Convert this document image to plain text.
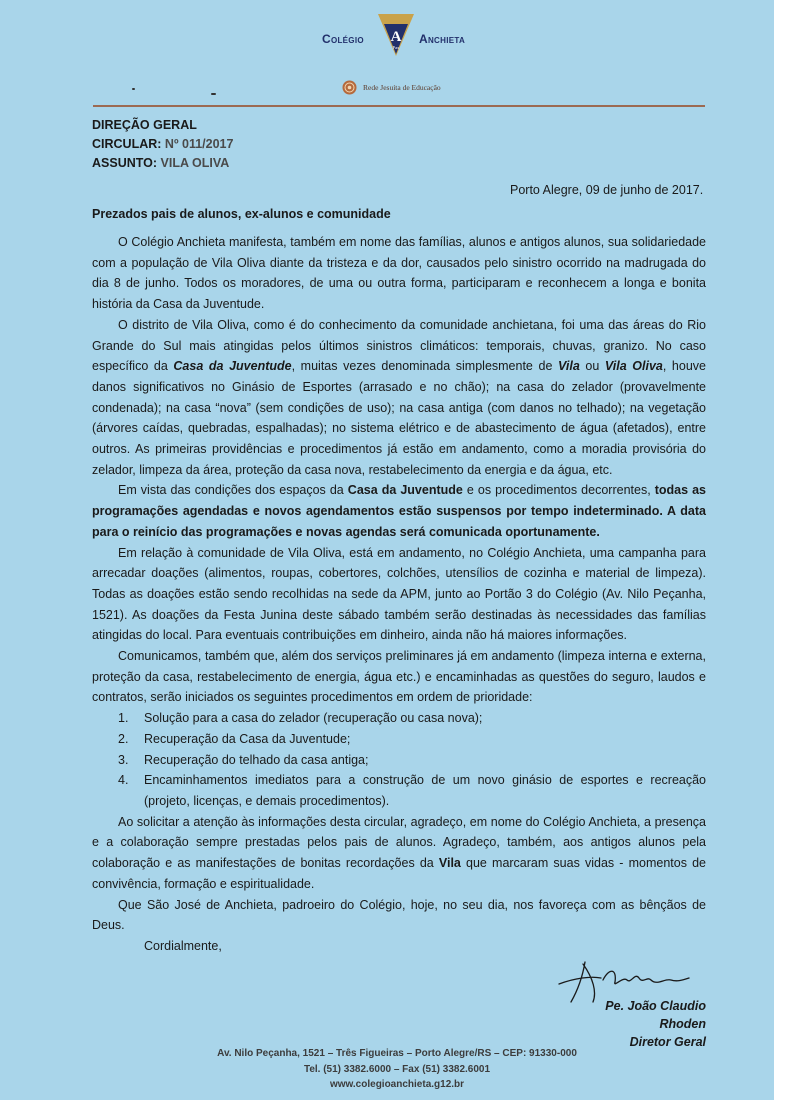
Colégio A
Pax
Anchieta
Rede Jesuíta de Educação
DIREÇÃO GERAL
CIRCULAR: Nº 011/2017
ASSUNTO: VILA OLIVA
Porto Alegre, 09 de junho de 2017.
Prezados pais de alunos, ex-alunos e comunidade

O Colégio Anchieta manifesta, também em nome das famílias, alunos e antigos alunos, sua solidariedade com a população de Vila Oliva diante da tristeza e da dor, causados pelo sinistro ocorrido na madrugada do dia 8 de junho. Todos os moradores, de uma ou outra forma, participaram e reconhecem a longa e bonita história da Casa da Juventude.

O distrito de Vila Oliva, como é do conhecimento da comunidade anchietana, foi uma das áreas do Rio Grande do Sul mais atingidas pelos últimos sinistros climáticos: temporais, chuvas, granizo. No caso específico da Casa da Juventude, muitas vezes denominada simplesmente de Vila ou Vila Oliva, houve danos significativos no Ginásio de Esportes (arrasado e no chão); na casa do zelador (provavelmente condenada); na casa “nova” (sem condições de uso); na casa antiga (com danos no telhado); na vegetação (árvores caídas, quebradas, espalhadas); no sistema elétrico e de abastecimento de água (afetados), entre outros. As primeiras providências e procedimentos já estão em andamento, como a moradia provisória do zelador, limpeza da área, proteção da casa nova, restabelecimento da energia e da água, etc.

Em vista das condições dos espaços da Casa da Juventude e os procedimentos decorrentes, todas as programações agendadas e novos agendamentos estão suspensos por tempo indeterminado. A data para o reinício das programações e novas agendas será comunicada oportunamente.

Em relação à comunidade de Vila Oliva, está em andamento, no Colégio Anchieta, uma campanha para arrecadar doações (alimentos, roupas, cobertores, colchões, utensílios de cozinha e material de limpeza). Todas as doações estão sendo recolhidas na sede da APM, junto ao Portão 3 do Colégio (Av. Nilo Peçanha, 1521). As doações da Festa Junina deste sábado também serão destinadas às necessidades das famílias atingidas do local. Para eventuais contribuições em dinheiro, ainda não há maiores informações.

Comunicamos, também que, além dos serviços preliminares já em andamento (limpeza interna e externa, proteção da casa, restabelecimento de energia, água etc.) e encaminhadas as questões do seguro, laudos e contratos, serão iniciados os seguintes procedimentos em ordem de prioridade:

1. Solução para a casa do zelador (recuperação ou casa nova);
2. Recuperação da Casa da Juventude;
3. Recuperação do telhado da casa antiga;
4. Encaminhamentos imediatos para a construção de um novo ginásio de esportes e recreação (projeto, licenças, e demais procedimentos).

Ao solicitar a atenção às informações desta circular, agradeço, em nome do Colégio Anchieta, a presença e a colaboração sempre prestadas pelos pais de alunos. Agradeço, também, aos antigos alunos pela colaboração e as manifestações de bonitas recordações da Vila que marcaram suas vidas - momentos de convivência, formação e espiritualidade.

Que São José de Anchieta, padroeiro do Colégio, hoje, no seu dia, nos favoreça com as bênçãos de Deus.

Cordialmente,

Pe. João Claudio Rhoden
Diretor Geral
Av. Nilo Peçanha, 1521 – Três Figueiras – Porto Alegre/RS – CEP: 91330-000
Tel. (51) 3382.6000 – Fax (51) 3382.6001
www.colegioanchieta.g12.br
